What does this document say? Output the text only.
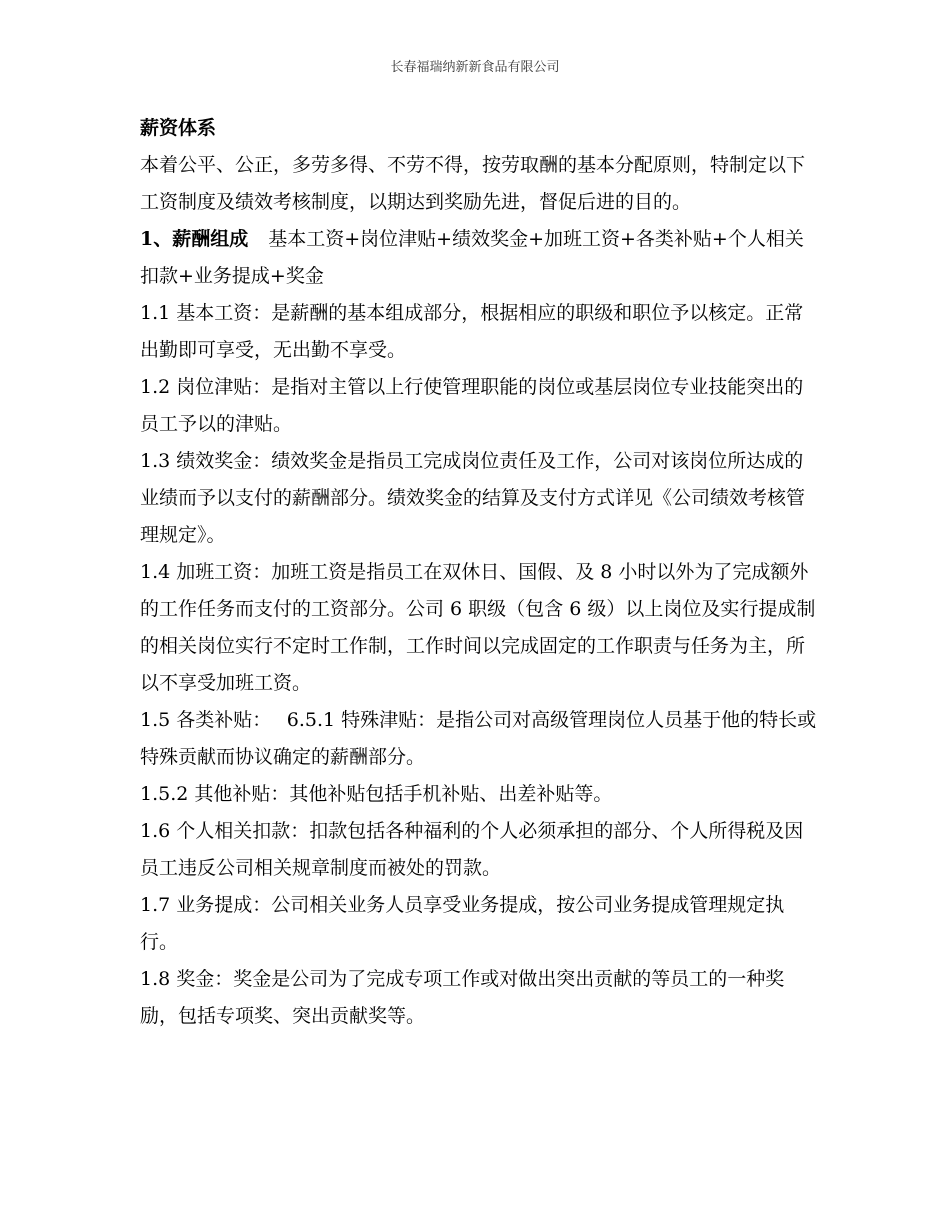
长春福瑞纳新新食品有限公司

薪资体系

本着公平、公正，多劳多得、不劳不得，按劳取酬的基本分配原则，特制定以下工资制度及绩效考核制度，以期达到奖励先进，督促后进的目的。

1、薪酬组成 基本工资+岗位津贴+绩效奖金+加班工资+各类补贴+个人相关扣款+业务提成+奖金

1.1 基本工资：是薪酬的基本组成部分，根据相应的职级和职位予以核定。正常出勤即可享受，无出勤不享受。

1.2 岗位津贴：是指对主管以上行使管理职能的岗位或基层岗位专业技能突出的员工予以的津贴。

1.3 绩效奖金：绩效奖金是指员工完成岗位责任及工作，公司对该岗位所达成的业绩而予以支付的薪酬部分。绩效奖金的结算及支付方式详见《公司绩效考核管理规定》。

1.4 加班工资：加班工资是指员工在双休日、国假、及 8 小时以外为了完成额外的工作任务而支付的工资部分。公司 6 职级（包含 6 级）以上岗位及实行提成制的相关岗位实行不定时工作制，工作时间以完成固定的工作职责与任务为主，所以不享受加班工资。

1.5 各类补贴：　 6.5.1 特殊津贴：是指公司对高级管理岗位人员基于他的特长或特殊贡献而协议确定的薪酬部分。

1.5.2 其他补贴：其他补贴包括手机补贴、出差补贴等。

1.6 个人相关扣款：扣款包括各种福利的个人必须承担的部分、个人所得税及因员工违反公司相关规章制度而被处的罚款。

1.7 业务提成：公司相关业务人员享受业务提成，按公司业务提成管理规定执行。

1.8 奖金：奖金是公司为了完成专项工作或对做出突出贡献的等员工的一种奖励，包括专项奖、突出贡献奖等。
